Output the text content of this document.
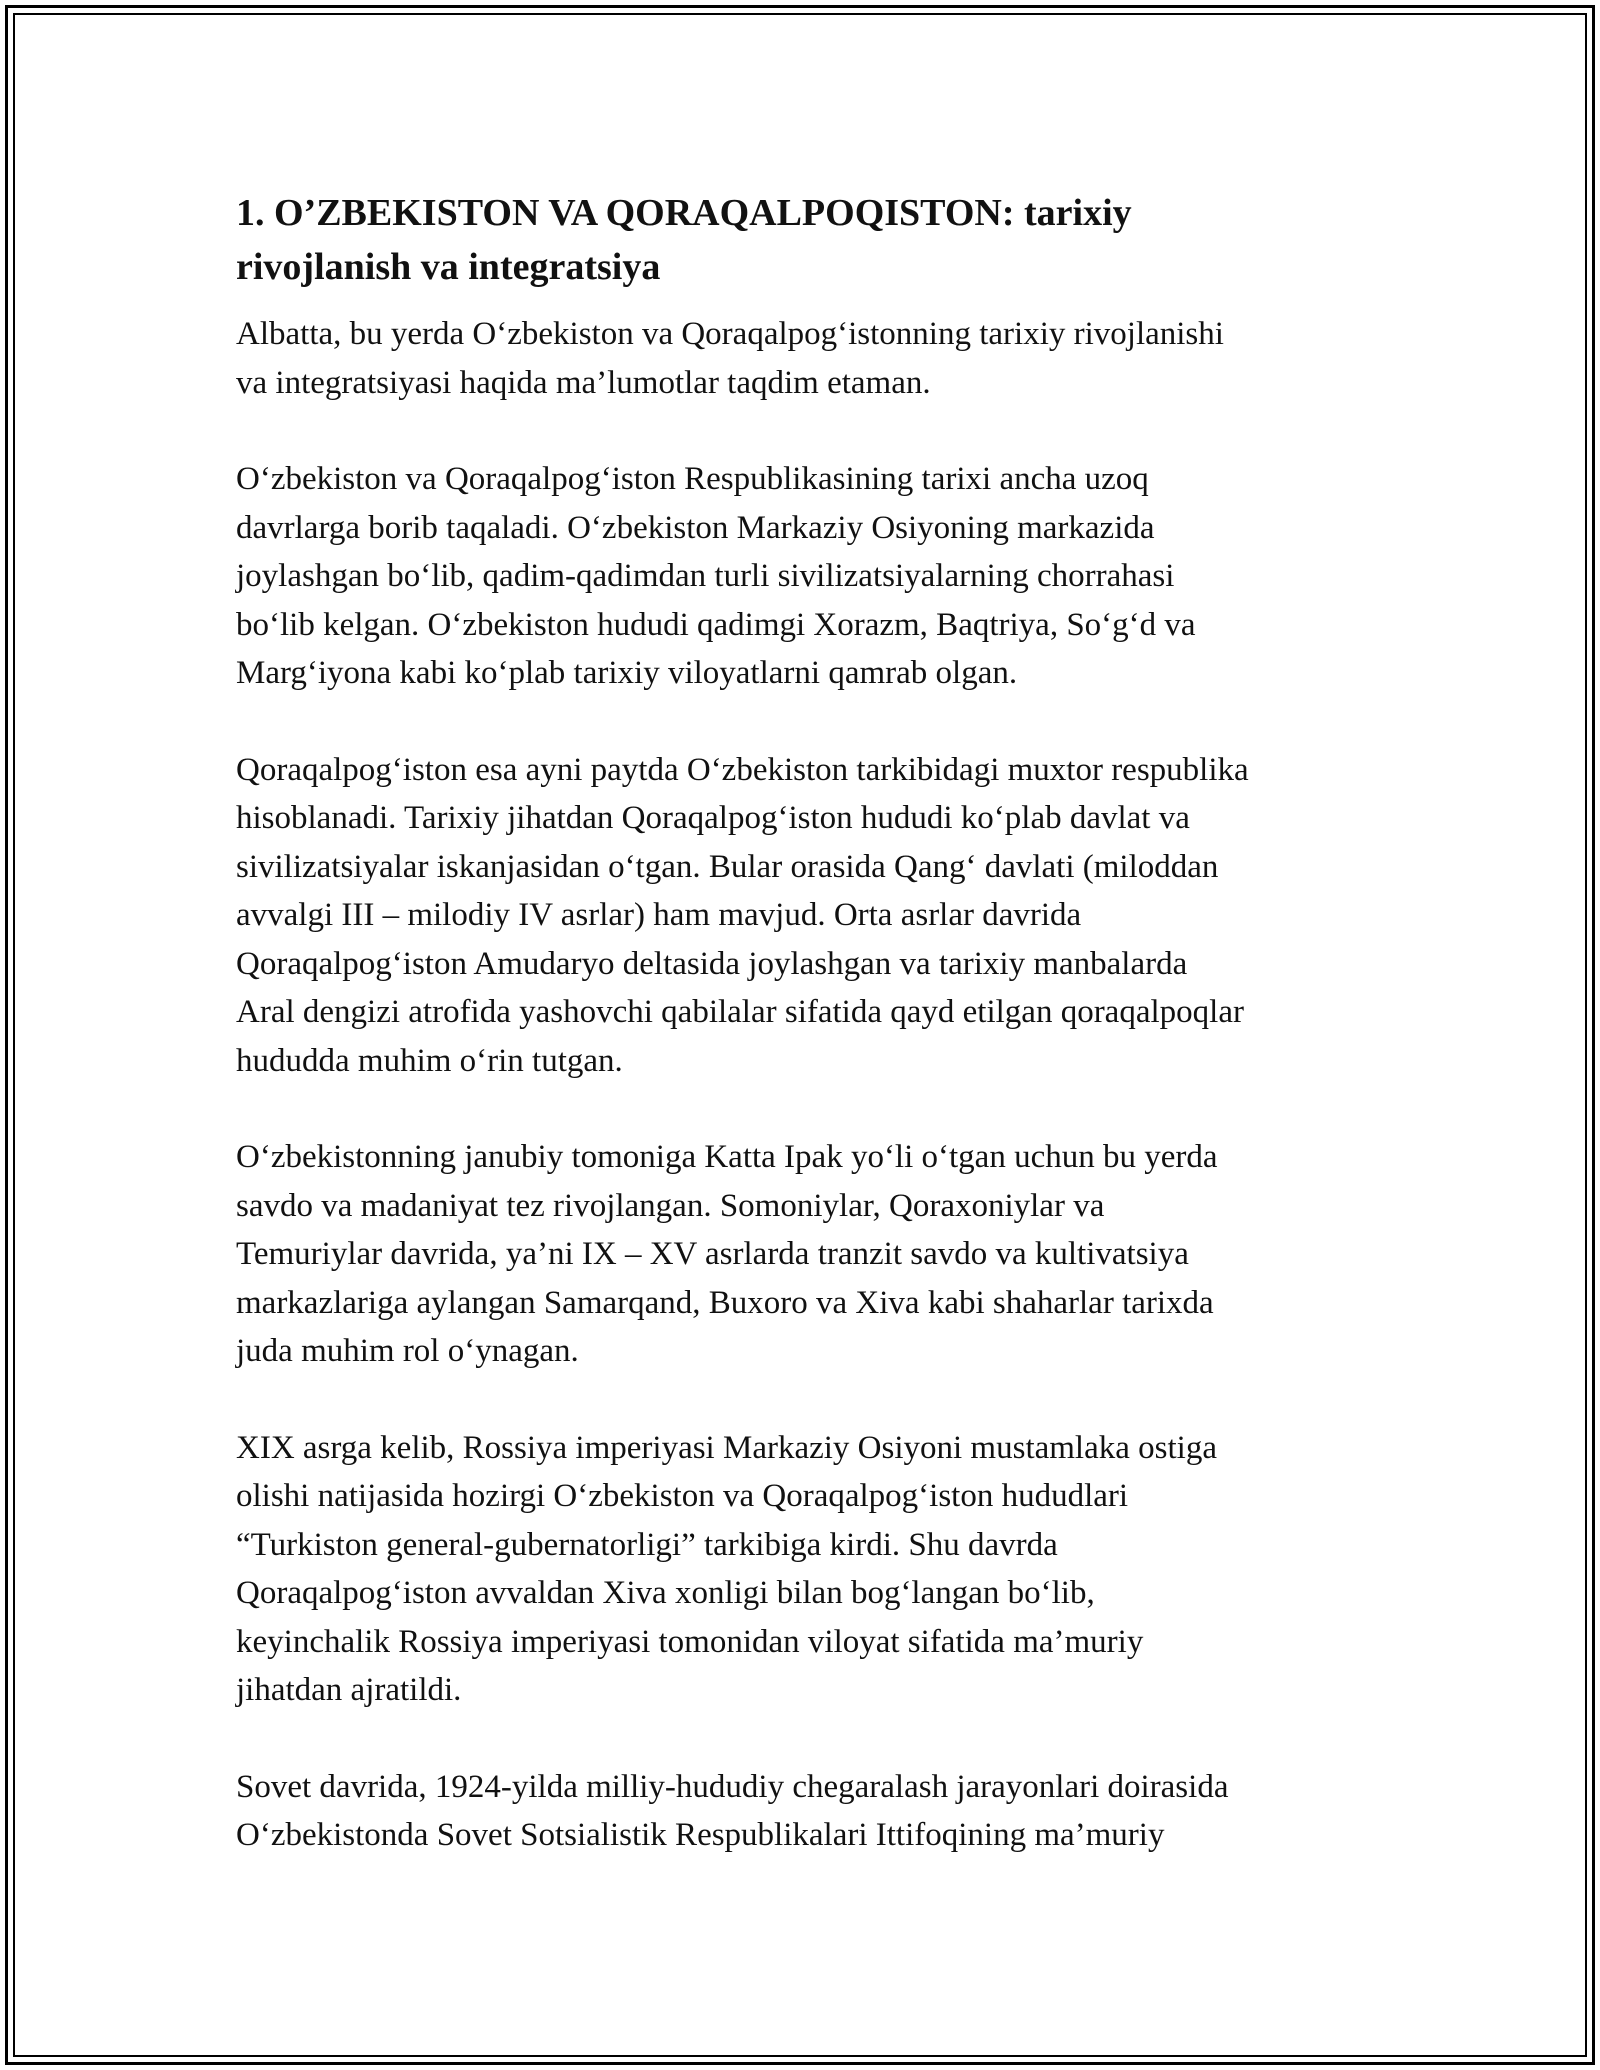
1. O’ZBEKISTON VA QORAQALPOQISTON: tarixiy
rivojlanish va integratsiya

Albatta, bu yerda O‘zbekiston va Qoraqalpog‘istonning tarixiy rivojlanishi
va integratsiyasi haqida ma’lumotlar taqdim etaman.

O‘zbekiston va Qoraqalpog‘iston Respublikasining tarixi ancha uzoq
davrlarga borib taqaladi. O‘zbekiston Markaziy Osiyoning markazida
joylashgan bo‘lib, qadim-qadimdan turli sivilizatsiyalarning chorrahasi
bo‘lib kelgan. O‘zbekiston hududi qadimgi Xorazm, Baqtriya, So‘g‘d va
Marg‘iyona kabi ko‘plab tarixiy viloyatlarni qamrab olgan.

Qoraqalpog‘iston esa ayni paytda O‘zbekiston tarkibidagi muxtor respublika
hisoblanadi. Tarixiy jihatdan Qoraqalpog‘iston hududi ko‘plab davlat va
sivilizatsiyalar iskanjasidan o‘tgan. Bular orasida Qang‘ davlati (miloddan
avvalgi III – milodiy IV asrlar) ham mavjud. Orta asrlar davrida
Qoraqalpog‘iston Amudaryo deltasida joylashgan va tarixiy manbalarda
Aral dengizi atrofida yashovchi qabilalar sifatida qayd etilgan qoraqalpoqlar
hududda muhim o‘rin tutgan.

O‘zbekistonning janubiy tomoniga Katta Ipak yo‘li o‘tgan uchun bu yerda
savdo va madaniyat tez rivojlangan. Somoniylar, Qoraxoniylar va
Temuriylar davrida, ya’ni IX – XV asrlarda tranzit savdo va kultivatsiya
markazlariga aylangan Samarqand, Buxoro va Xiva kabi shaharlar tarixda
juda muhim rol o‘ynagan.

XIX asrga kelib, Rossiya imperiyasi Markaziy Osiyoni mustamlaka ostiga
olishi natijasida hozirgi O‘zbekiston va Qoraqalpog‘iston hududlari
“Turkiston general-gubernatorligi” tarkibiga kirdi. Shu davrda
Qoraqalpog‘iston avvaldan Xiva xonligi bilan bog‘langan bo‘lib,
keyinchalik Rossiya imperiyasi tomonidan viloyat sifatida ma’muriy
jihatdan ajratildi.

Sovet davrida, 1924-yilda milliy-hududiy chegaralash jarayonlari doirasida
O‘zbekistonda Sovet Sotsialistik Respublikalari Ittifoqining ma’muriy
